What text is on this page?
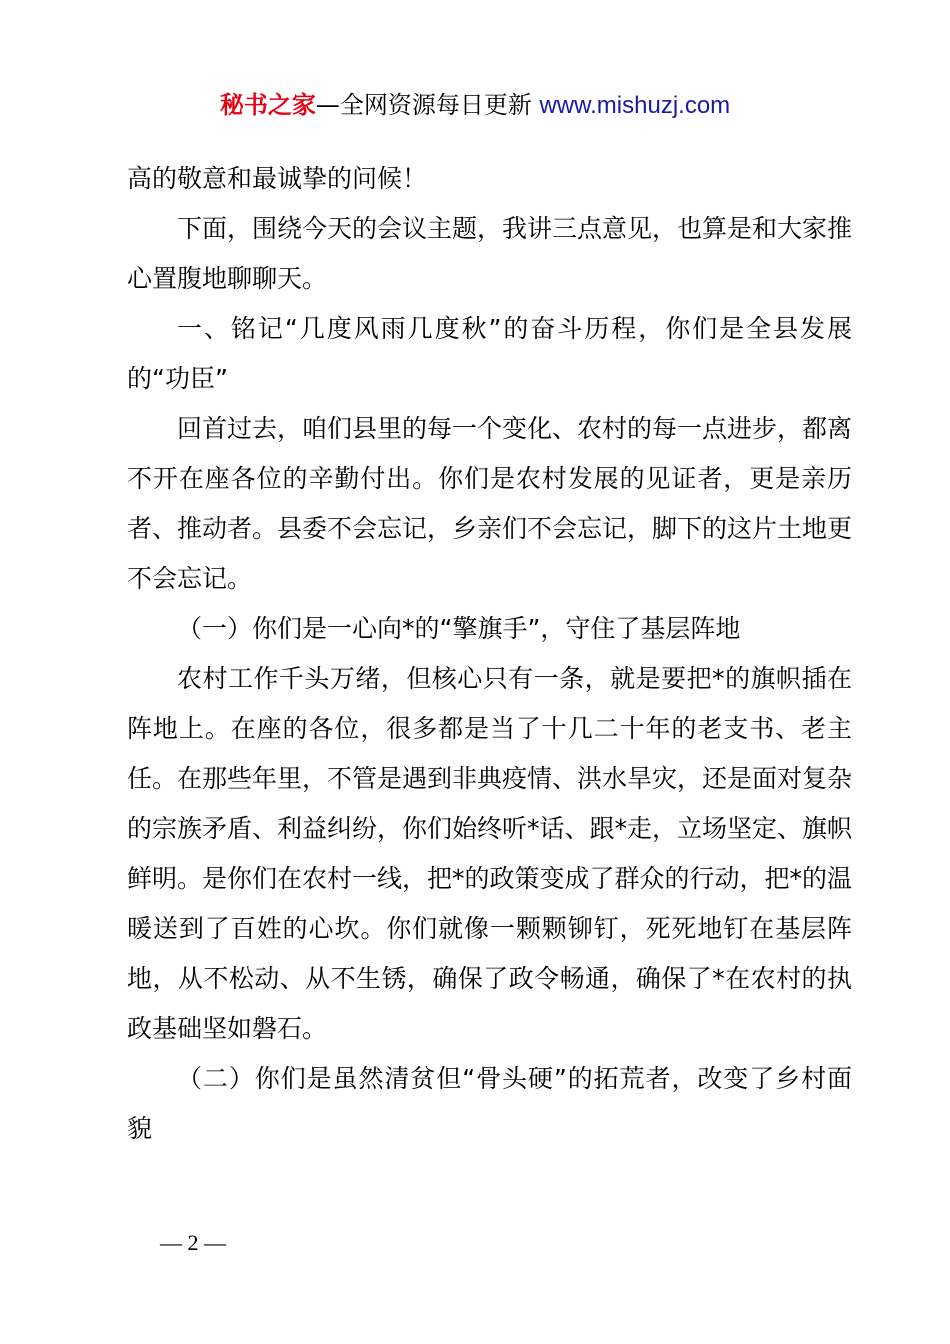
秘书之家—全网资源每日更新 www.mishuzj.com

高的敬意和最诚挚的问候！

下面，围绕今天的会议主题，我讲三点意见，也算是和大家推心置腹地聊聊天。

一、铭记“几度风雨几度秋”的奋斗历程，你们是全县发展的“功臣”

回首过去，咱们县里的每一个变化、农村的每一点进步，都离不开在座各位的辛勤付出。你们是农村发展的见证者，更是亲历者、推动者。县委不会忘记，乡亲们不会忘记，脚下的这片土地更不会忘记。

（一）你们是一心向*的“擎旗手”，守住了基层阵地

农村工作千头万绪，但核心只有一条，就是要把*的旗帜插在阵地上。在座的各位，很多都是当了十几二十年的老支书、老主任。在那些年里，不管是遇到非典疫情、洪水旱灾，还是面对复杂的宗族矛盾、利益纠纷，你们始终听*话、跟*走，立场坚定、旗帜鲜明。是你们在农村一线，把*的政策变成了群众的行动，把*的温暖送到了百姓的心坎。你们就像一颗颗铆钉，死死地钉在基层阵地，从不松动、从不生锈，确保了政令畅通，确保了*在农村的执政基础坚如磐石。

（二）你们是虽然清贫但“骨头硬”的拓荒者，改变了乡村面貌

— 2 —
